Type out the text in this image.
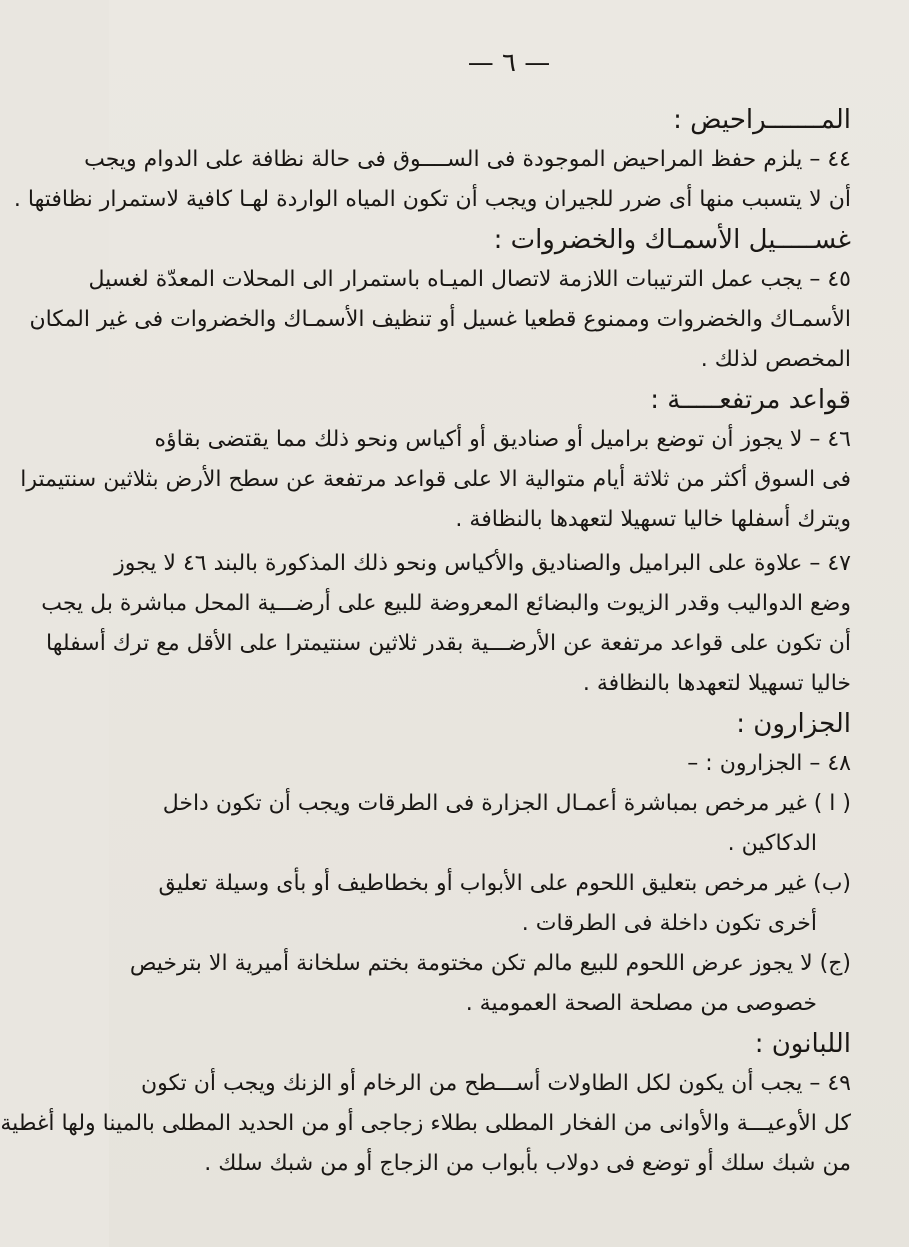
— ٦ —
المـــــــراحيض :
٤٤ – يلزم حفظ المراحيض الموجودة فى الســــوق فى حالة نظافة على الدوام ويجب
أن لا يتسبب منها أى ضرر للجيران ويجب أن تكون المياه الواردة لهـا كافية لاستمرار نظافتها .
غســـــيل الأسمـاك والخضروات :
٤٥ – يجب عمل الترتيبات اللازمة لاتصال الميـاه باستمرار الى المحلات المعدّة لغسيل
الأسمـاك والخضروات وممنوع قطعيا غسيل أو تنظيف الأسمـاك والخضروات فى غير المكان
المخصص لذلك .
قواعد مرتفعـــــة :
٤٦ – لا يجوز أن توضع براميل أو صناديق أو أكياس ونحو ذلك مما يقتضى بقاؤه
فى السوق أكثر من ثلاثة أيام متوالية الا على قواعد مرتفعة عن سطح الأرض بثلاثين سنتيمترا
ويترك أسفلها خاليا تسهيلا لتعهدها بالنظافة .
٤٧ – علاوة على البراميل والصناديق والأكياس ونحو ذلك المذكورة بالبند ٤٦ لا يجوز
وضع الدواليب وقدر الزيوت والبضائع المعروضة للبيع على أرضـــية المحل مباشرة بل يجب
أن تكون على قواعد مرتفعة عن الأرضـــية بقدر ثلاثين سنتيمترا على الأقل مع ترك أسفلها
خاليا تسهيلا لتعهدها بالنظافة .
الجزارون :
٤٨ – الجزارون : –
( ا ) غير مرخص بمباشرة أعمـال الجزارة فى الطرقات ويجب أن تكون داخل
الدكاكين .
(ب) غير مرخص بتعليق اللحوم على الأبواب أو بخطاطيف أو بأى وسيلة تعليق
أخرى تكون داخلة فى الطرقات .
(ج) لا يجوز عرض اللحوم للبيع مالم تكن مختومة بختم سلخانة أميرية الا بترخيص
خصوصى من مصلحة الصحة العمومية .
اللبانون :
٤٩ – يجب أن يكون لكل الطاولات أســـطح من الرخام أو الزنك ويجب أن تكون
كل الأوعيـــة والأوانى من الفخار المطلى بطلاء زجاجى أو من الحديد المطلى بالمينا ولها أغطية
من شبك سلك أو توضع فى دولاب بأبواب من الزجاج أو من شبك سلك .
